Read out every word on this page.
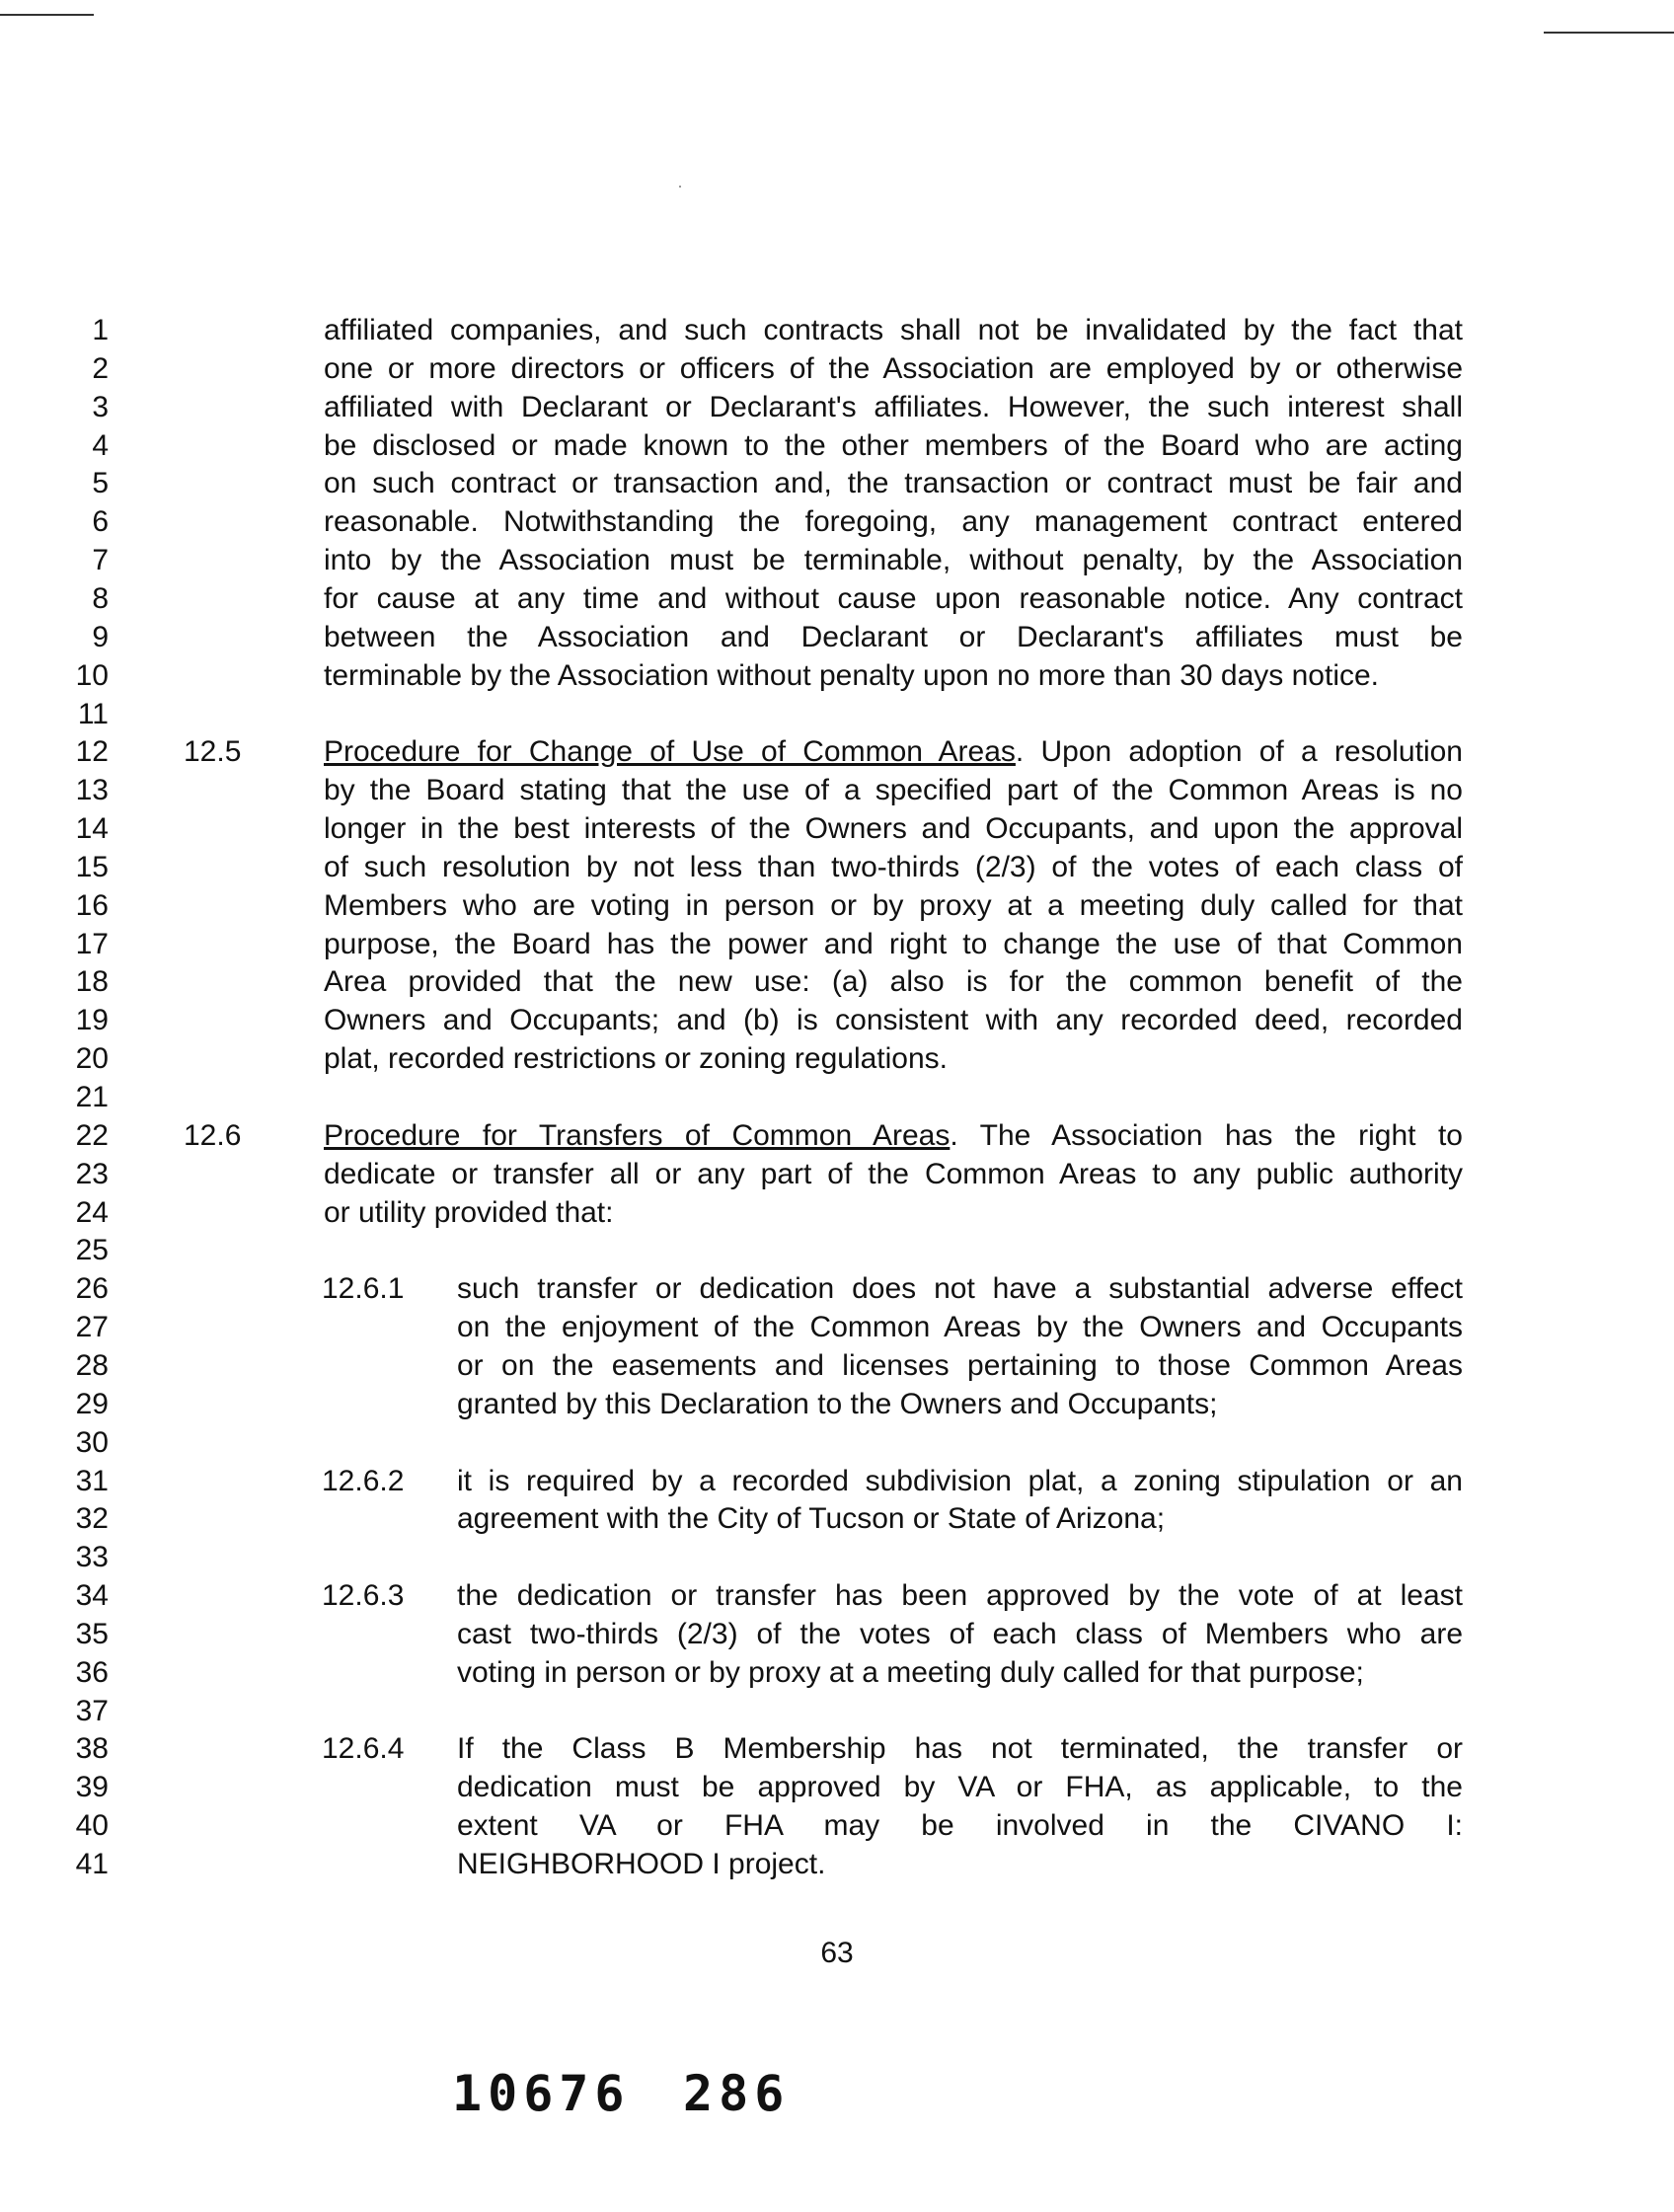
1
2
3
4
5
6
7
8
9
10
11
12
13
14
15
16
17
18
19
20
21
22
23
24
25
26
27
28
29
30
31
32
33
34
35
36
37
38
39
40
41
affiliated companies, and such contracts shall not be invalidated by the fact that
one or more directors or officers of the Association are employed by or otherwise
affiliated with Declarant or Declarant's affiliates. However, the such interest shall
be disclosed or made known to the other members of the Board who are acting
on such contract or transaction and, the transaction or contract must be fair and
reasonable. Notwithstanding the foregoing, any management contract entered
into by the Association must be terminable, without penalty, by the Association
for cause at any time and without cause upon reasonable notice. Any contract
between the Association and Declarant or Declarant's affiliates must be
terminable by the Association without penalty upon no more than 30 days notice.
12.5	Procedure for Change of Use of Common Areas. Upon adoption of a resolution
by the Board stating that the use of a specified part of the Common Areas is no
longer in the best interests of the Owners and Occupants, and upon the approval
of such resolution by not less than two-thirds (2/3) of the votes of each class of
Members who are voting in person or by proxy at a meeting duly called for that
purpose, the Board has the power and right to change the use of that Common
Area provided that the new use: (a) also is for the common benefit of the
Owners and Occupants; and (b) is consistent with any recorded deed, recorded
plat, recorded restrictions or zoning regulations.
12.6	Procedure for Transfers of Common Areas. The Association has the right to
dedicate or transfer all or any part of the Common Areas to any public authority
or utility provided that:
12.6.1 such transfer or dedication does not have a substantial adverse effect
on the enjoyment of the Common Areas by the Owners and Occupants
or on the easements and licenses pertaining to those Common Areas
granted by this Declaration to the Owners and Occupants;
12.6.2 it is required by a recorded subdivision plat, a zoning stipulation or an
agreement with the City of Tucson or State of Arizona;
12.6.3 the dedication or transfer has been approved by the vote of at least
cast two-thirds (2/3) of the votes of each class of Members who are
voting in person or by proxy at a meeting duly called for that purpose;
12.6.4 If the Class B Membership has not terminated, the transfer or
dedication must be approved by VA or FHA, as applicable, to the
extent VA or FHA may be involved in the CIVANO I:
NEIGHBORHOOD I project.
63
10676 286
